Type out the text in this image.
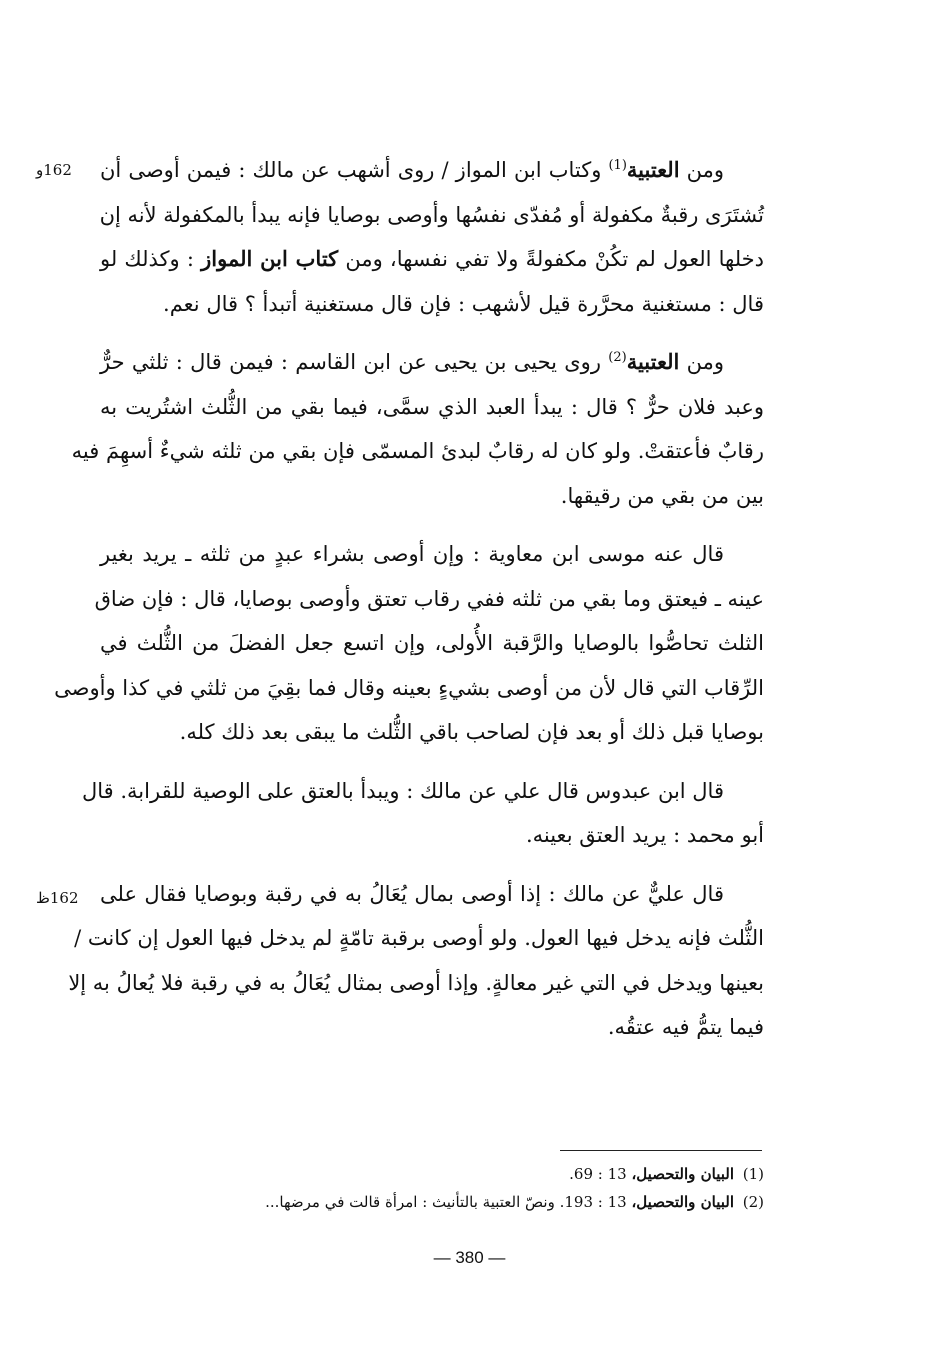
162و
162ظ
ومن العتبية$^{(1)}$ وكتاب ابن المواز / روى أشهب عن مالك : فيمن أوصى أن
تُشتَرَى رقبةٌ مكفولة أو مُفدّى نفسُها وأوصى بوصايا فإنه يبدأ بالمكفولة لأنه إن
دخلها العول لم تكُنْ مكفولةً ولا تفي نفسها، ومن كتاب ابن المواز : وكذلك لو
قال : مستغنية محرَّرة قيل لأشهب : فإن قال مستغنية أتبدأ ؟ قال نعم.
ومن العتبية$^{(2)}$ روى يحيى بن يحيى عن ابن القاسم : فيمن قال : ثلثي حرٌّ
وعبد فلان حرٌّ ؟ قال : يبدأ العبد الذي سمَّى، فيما بقي من الثُّلث اشتُريت به
رقابٌ فأعتقتْ. ولو كان له رقابٌ لبدئ المسمّى فإن بقي من ثلثه شيءٌ أسهِمَ فيه
بين من بقي من رقيقها.
قال عنه موسى ابن معاوية : وإن أوصى بشراء عبدٍ من ثلثه ـ يريد بغير
عينه ـ فيعتق وما بقي من ثلثه ففي رقاب تعتق وأوصى بوصايا، قال : فإن ضاق
الثلث تحاصُّوا بالوصايا والرَّقبة الأُولى، وإن اتسع جعل الفضلَ من الثُّلث في
الرِّقاب التي قال لأن من أوصى بشيءٍ بعينه وقال فما بقِيَ من ثلثي في كذا وأوصى
بوصايا قبل ذلك أو بعد فإن لصاحب باقي الثُّلث ما يبقى بعد ذلك كله.
قال ابن عبدوس قال علي عن مالك : ويبدأ بالعتق على الوصية للقرابة. قال
أبو محمد : يريد العتق بعينه.
قال عليٌّ عن مالك : إذا أوصى بمال يُعَالُ به في رقبة وبوصايا فقال على
الثُّلث فإنه يدخل فيها العول. ولو أوصى برقبة تامّةٍ لم يدخل فيها العول إن كانت /
بعينها ويدخل في التي غير معالةٍ. وإذا أوصى بمثال يُعَالُ به في رقبة فلا يُعالُ به إلا
فيما يتمُّ فيه عتقُه.
(1)
البيان والتحصيل، 13 : 69.
(2)
البيان والتحصيل، 13 : 193. ونصّ العتبية بالتأنيث : امرأة قالت في مرضها...
— 380 —
